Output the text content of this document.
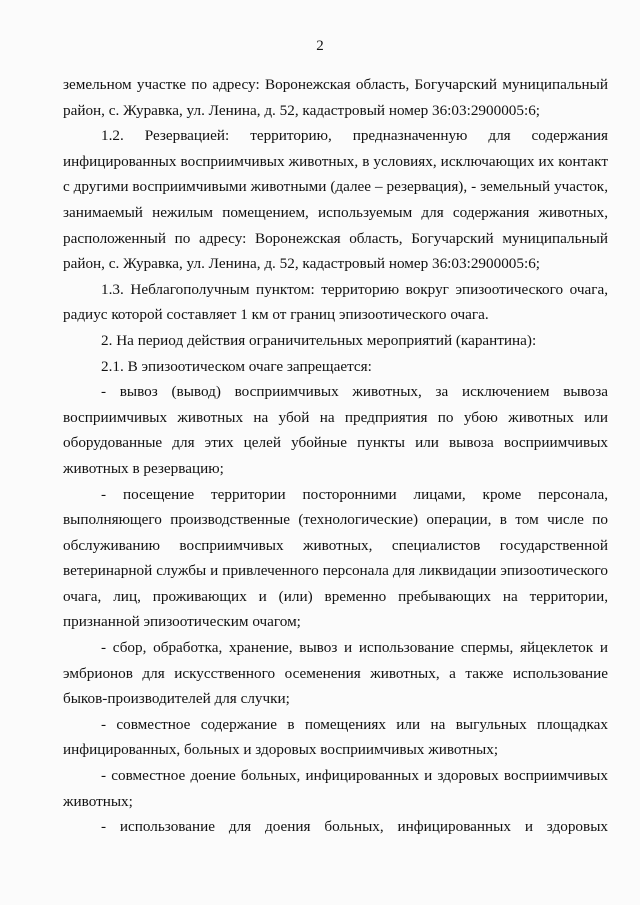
2
земельном участке по адресу: Воронежская область, Богучарский муниципальный
район, с. Журавка, ул. Ленина, д. 52, кадастровый номер 36:03:2900005:6;
1.2. Резервацией: территорию, предназначенную для содержания
инфицированных восприимчивых животных, в условиях, исключающих их контакт
с другими восприимчивыми животными (далее – резервация), - земельный участок,
занимаемый нежилым помещением, используемым для содержания животных,
расположенный по адресу: Воронежская область, Богучарский муниципальный
район, с. Журавка, ул. Ленина, д. 52, кадастровый номер 36:03:2900005:6;
1.3. Неблагополучным пунктом: территорию вокруг эпизоотического очага,
радиус которой составляет 1 км от границ эпизоотического очага.
2. На период действия ограничительных мероприятий (карантина):
2.1. В эпизоотическом очаге запрещается:
- вывоз (вывод) восприимчивых животных, за исключением вывоза
восприимчивых животных на убой на предприятия по убою животных или
оборудованные для этих целей убойные пункты или вывоза восприимчивых
животных в резервацию;
- посещение территории посторонними лицами, кроме персонала,
выполняющего производственные (технологические) операции, в том числе по
обслуживанию восприимчивых животных, специалистов государственной
ветеринарной службы и привлеченного персонала для ликвидации эпизоотического
очага, лиц, проживающих и (или) временно пребывающих на территории,
признанной эпизоотическим очагом;
- сбор, обработка, хранение, вывоз и использование спермы, яйцеклеток и
эмбрионов для искусственного осеменения животных, а также использование
быков-производителей для случки;
- совместное содержание в помещениях или на выгульных площадках
инфицированных, больных и здоровых восприимчивых животных;
- совместное доение больных, инфицированных и здоровых восприимчивых
животных;
- использование для доения больных, инфицированных и здоровых
